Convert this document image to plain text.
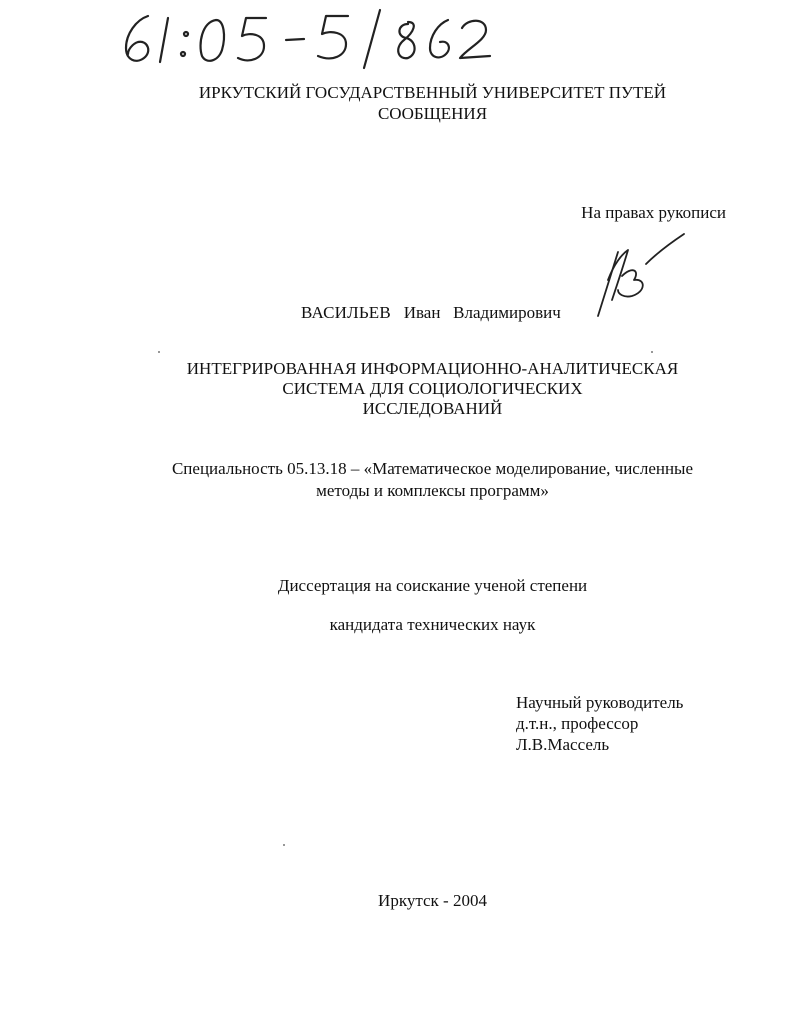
ИРКУТСКИЙ ГОСУДАРСТВЕННЫЙ УНИВЕРСИТЕТ ПУТЕЙ СООБЩЕНИЯ
На правах рукописи
ВАСИЛЬЕВ Иван Владимирович
ИНТЕГРИРОВАННАЯ ИНФОРМАЦИОННО-АНАЛИТИЧЕСКАЯ
СИСТЕМА ДЛЯ СОЦИОЛОГИЧЕСКИХ
ИССЛЕДОВАНИЙ
Специальность 05.13.18 – «Математическое моделирование, численные
методы и комплексы программ»
Диссертация на соискание ученой степени
кандидата технических наук
Научный руководитель
д.т.н., профессор
Л.В.Массель
Иркутск - 2004
